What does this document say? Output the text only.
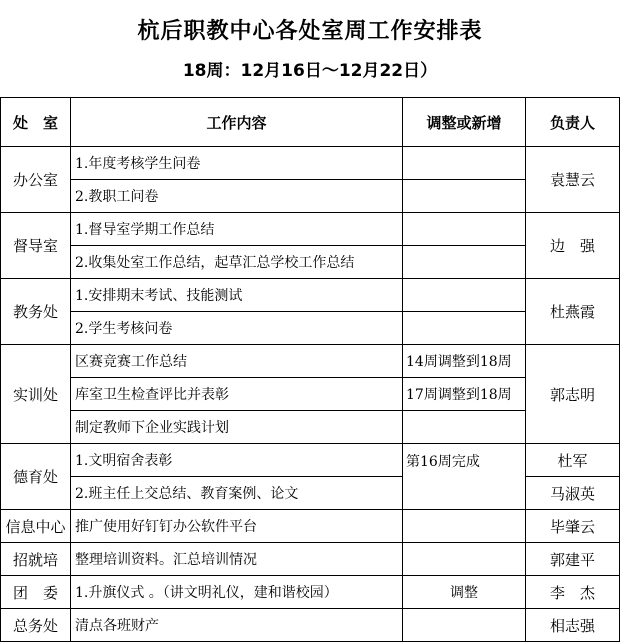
杭后职教中心各处室周工作安排表
18周：12月16日～12月22日）
处　室	工作内容	调整或新增	负责人
办公室	1.年度考核学生问卷		袁慧云
	2.教职工问卷		
督导室	1.督导室学期工作总结		边　强
	2.收集处室工作总结，起草汇总学校工作总结		
教务处	1.安排期末考试、技能测试		杜燕霞
	2.学生考核问卷		
实训处	区赛竞赛工作总结	14周调整到18周	郭志明
	库室卫生检查评比并表彰	17周调整到18周	
	制定教师下企业实践计划		
德育处	1.文明宿舍表彰	第16周完成	杜军
	2.班主任上交总结、教育案例、论文		马淑英
信息中心	推广使用好钉钉办公软件平台		毕肇云
招就培	整理培训资料。汇总培训情况		郭建平
团　委	1.升旗仪式 。（讲文明礼仪，建和谐校园）	调整	李　杰
总务处	清点各班财产		相志强
